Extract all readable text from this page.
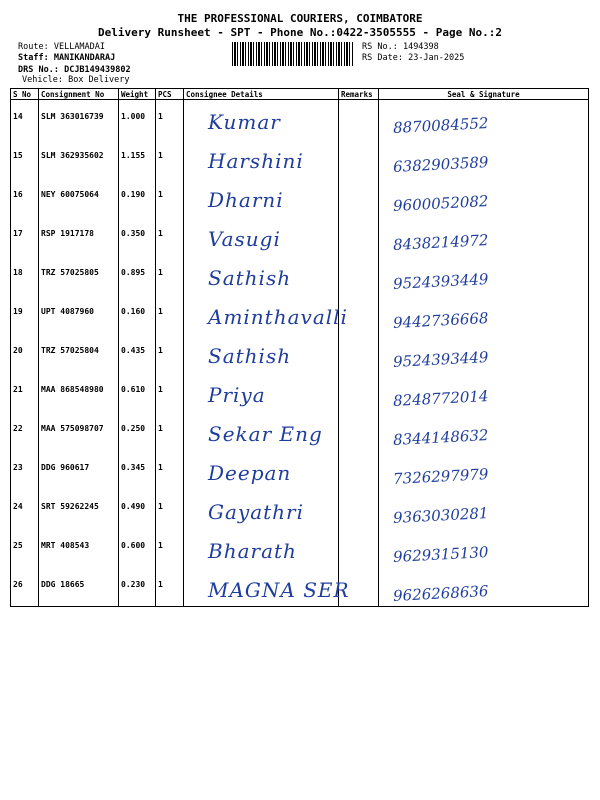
THE PROFESSIONAL COURIERS, COIMBATORE
Delivery Runsheet - SPT - Phone No.:0422-3505555 - Page No.:2
Route: VELLAMADAI
Staff: MANIKANDARAJ
DRS No.: DCJB149439802
Vehicle: Box Delivery
RS No.: 1494398
RS Date: 23-Jan-2025
S No	Consignment No	Weight	PCS	Consignee Details	Remarks	Seal & Signature
14	SLM 363016739	1.000	1	Kumar		8870084552

15	SLM 362935602	1.155	1	Harshini		6382903589

16	NEY 60075064	0.190	1	Dharni		9600052082

17	RSP 1917178	0.350	1	Vasugi		8438214972

18	TRZ 57025805	0.895	1	Sathish		9524393449

19	UPT 4087960	0.160	1	Aminthavalli		9442736668

20	TRZ 57025804	0.435	1	Sathish		9524393449

21	MAA 868548980	0.610	1	Priya		8248772014

22	MAA 575098707	0.250	1	Sekar Eng		8344148632

23	DDG 960617	0.345	1	Deepan		7326297979

24	SRT 59262245	0.490	1	Gayathri		9363030281

25	MRT 408543	0.600	1	Bharath		9629315130

26	DDG 18665	0.230	1	MAGNA SER		9626268636
